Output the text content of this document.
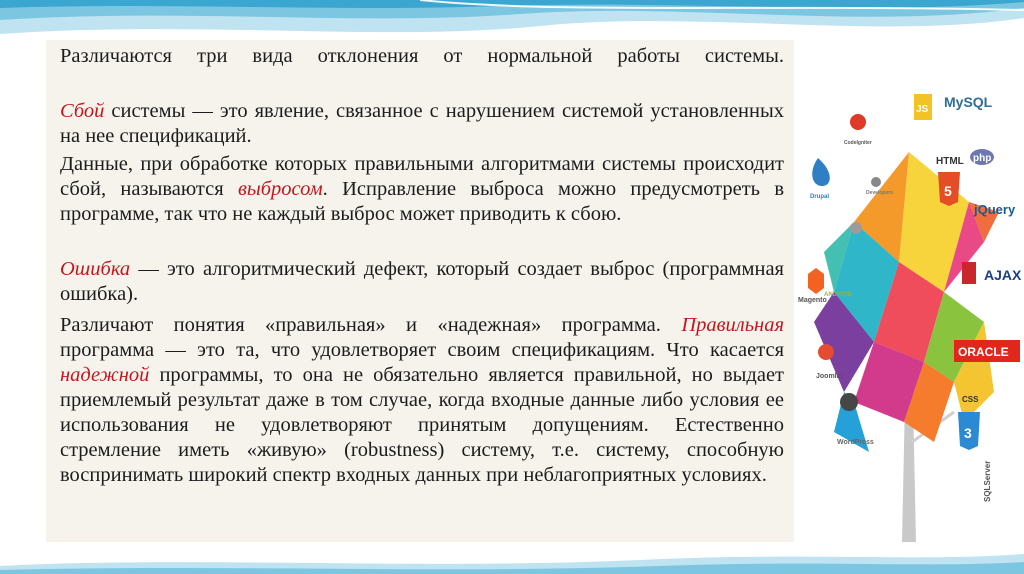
Различаются три вида отклонения от нормальной работы системы.

Сбой системы — это явление, связанное с нарушением системой установленных на нее спецификаций.

Данные, при обработке которых правильными алгоритмами системы происходит сбой, называются выбросом. Исправление выброса можно предусмотреть в программе, так что не каждый выброс может приводить к сбою.

Ошибка — это алгоритмический дефект, который создает выброс (программная ошибка).

Различают понятия «правильная» и «надежная» программа. Правильная программа — это та, что удовлетворяет своим спецификациям. Что касается надежной программы, то она не обязательно является правильной, но выдает приемлемый результат даже в том случае, когда входные данные либо условия ее использования не удовлетворяют принятым допущениям. Естественно стремление иметь «живую» (robustness) систему, т.е. систему, способную воспринимать широкий спектр входных данных при неблагоприятных условиях.

MySQL
JS
CodeIgniter
HTML
5
php
jQuery
Drupal
Developers
ANDROID
Magento
AJAX
ORACLE
Joomla!
WordPress
CSS
3
SQLServer
